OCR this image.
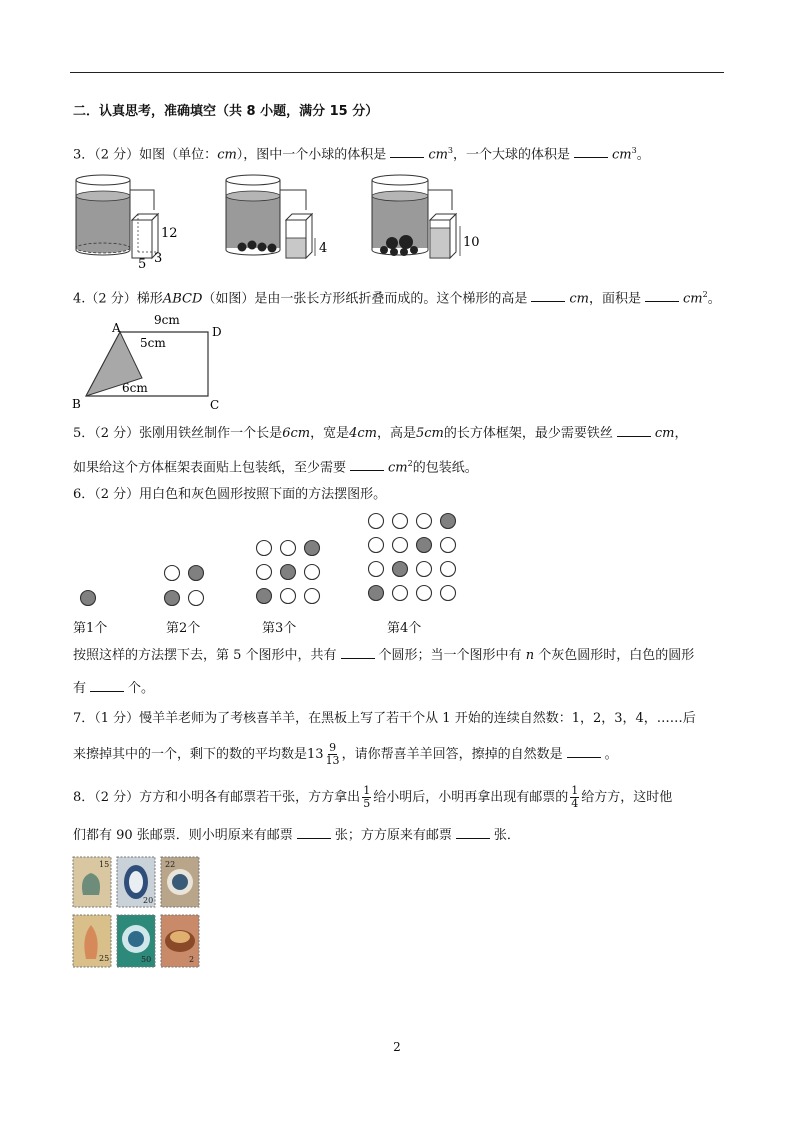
二．认真思考，准确填空（共 8 小题，满分 15 分）
3．（2 分）如图（单位：cm），图中一个小球的体积是	$cm^3$，一个大球的体积是	$cm^3$。
12
5 3
4	10
4.（2 分）梯形ABCD（如图）是由一张长方形纸折叠而成的。这个梯形的高是	cm，面积是	$cm^2$。
A	D
B	C
9cm
5cm
6cm
5．（2 分）张刚用铁丝制作一个长是6cm，宽是4cm，高是5cm的长方体框架，最少需要铁丝	cm，
如果给这个方体框架表面贴上包装纸，至少需要	$cm^2$的包装纸。
6．（2 分）用白色和灰色圆形按照下面的方法摆图形。
第1个	第2个	第3个	第4个
按照这样的方法摆下去，第 5 个图形中，共有	个圆形；当一个图形中有 n 个灰色圆形时，白色的圆形
有	个。
7．（1 分）慢羊羊老师为了考核喜羊羊，在黑板上写了若干个从 1 开始的连续自然数：1，2，3，4，……后
来擦掉其中的一个，剩下的数的平均数是$13 \frac{9}{13}$ ，请你帮喜羊羊回答，擦掉的自然数是	。
8．（2 分）方方和小明各有邮票若干张，方方拿出 $\frac{1}{5}$ 给小明后，小明再拿出现有邮票的 $\frac{1}{4}$ 给方方，这时他
们都有 90 张邮票．则小明原来有邮票	张；方方原来有邮票	张．
15
20
22
25	50	2
2
